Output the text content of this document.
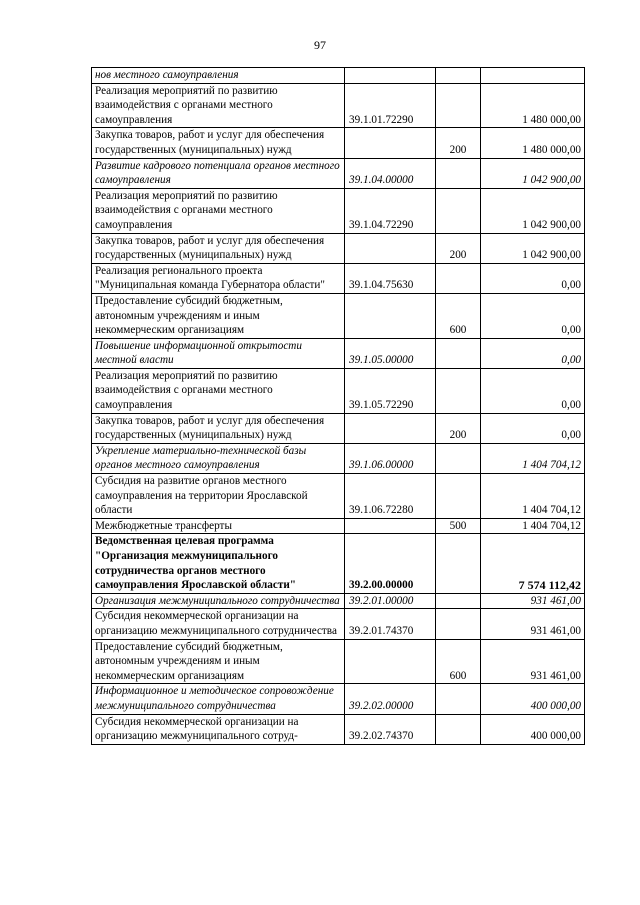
97
нов местного самоуправления			
Реализация мероприятий по развитию взаимодействия с органами местного самоуправления	39.1.01.72290		1 480 000,00
Закупка товаров, работ и услуг для обеспечения государственных (муниципальных) нужд		200	1 480 000,00
Развитие кадрового потенциала органов местного самоуправления	39.1.04.00000		1 042 900,00
Реализация мероприятий по развитию взаимодействия с органами местного самоуправления	39.1.04.72290		1 042 900,00
Закупка товаров, работ и услуг для обеспечения государственных (муниципальных) нужд		200	1 042 900,00
Реализация регионального проекта "Муниципальная команда Губернатора области"	39.1.04.75630		0,00
Предоставление субсидий бюджетным, автономным учреждениям и иным некоммерческим организациям		600	0,00
Повышение информационной открытости местной власти	39.1.05.00000		0,00
Реализация мероприятий по развитию взаимодействия с органами местного самоуправления	39.1.05.72290		0,00
Закупка товаров, работ и услуг для обеспечения государственных (муниципальных) нужд		200	0,00
Укрепление материально-технической базы органов местного самоуправления	39.1.06.00000		1 404 704,12
Субсидия на развитие органов местного самоуправления на территории Ярославской области	39.1.06.72280		1 404 704,12
Межбюджетные трансферты		500	1 404 704,12
Ведомственная целевая программа "Организация межмуниципального сотрудничества органов местного самоуправления Ярославской области"	39.2.00.00000		7 574 112,42
Организация межмуниципального сотрудничества	39.2.01.00000		931 461,00
Субсидия некоммерческой организации на организацию межмуниципального сотрудничества	39.2.01.74370		931 461,00
Предоставление субсидий бюджетным, автономным учреждениям и иным некоммерческим организациям		600	931 461,00
Информационное и методическое сопровождение межмуниципального сотрудничества	39.2.02.00000		400 000,00
Субсидия некоммерческой организации на организацию межмуниципального сотруд-	39.2.02.74370		400 000,00
